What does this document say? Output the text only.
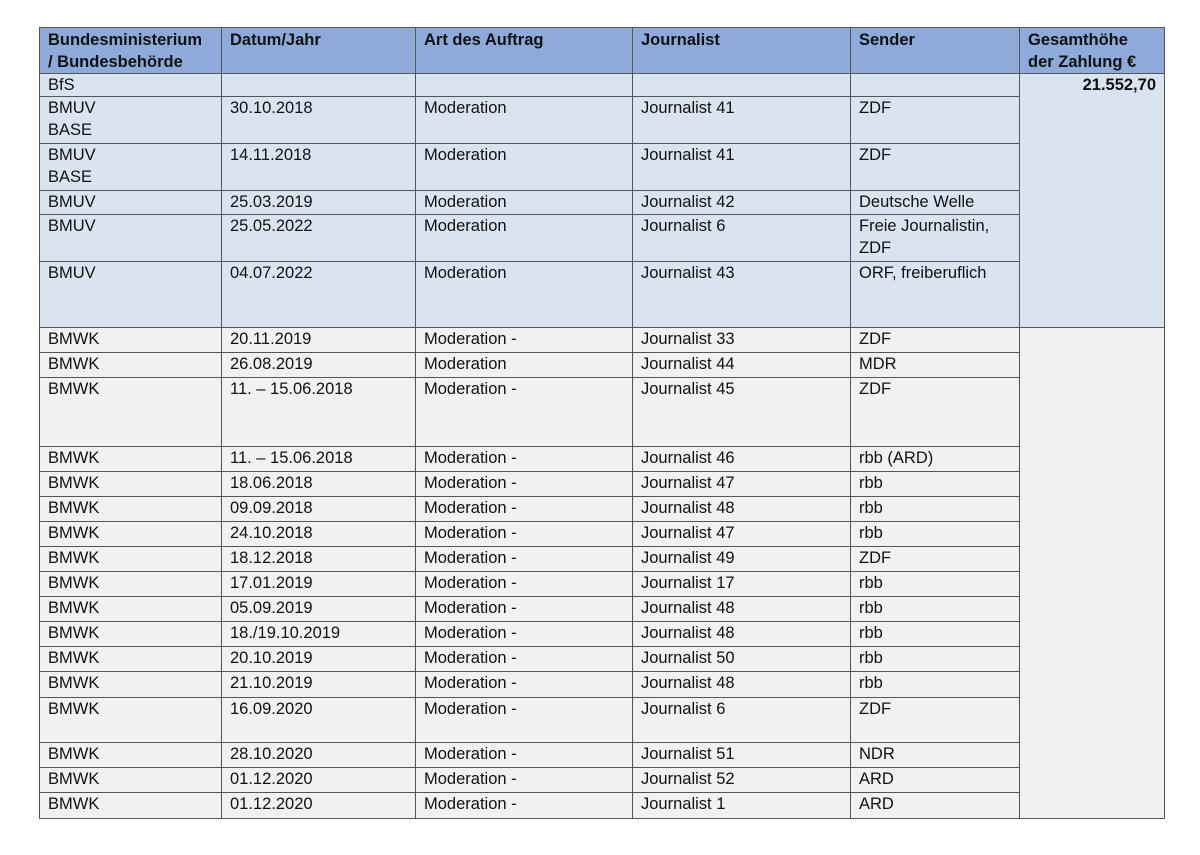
Bundesministerium
/ Bundesbehörde	Datum/Jahr	Art des Auftrag	Journalist	Sender	Gesamthöhe der Zahlung €
BfS					21.552,70
BMUV
BASE	30.10.2018	Moderation	Journalist 41	ZDF	
BMUV
BASE	14.11.2018	Moderation	Journalist 41	ZDF	
BMUV	25.03.2019	Moderation	Journalist 42	Deutsche Welle	
BMUV	25.05.2022	Moderation	Journalist 6	Freie Journalistin,
ZDF	
BMUV	04.07.2022	Moderation	Journalist 43	ORF, freiberuflich	
BMWK	20.11.2019	Moderation -	Journalist 33	ZDF	
BMWK	26.08.2019	Moderation	Journalist 44	MDR	
BMWK	11. – 15.06.2018	Moderation -	Journalist 45	ZDF	
BMWK	11. – 15.06.2018	Moderation -	Journalist 46	rbb (ARD)	
BMWK	18.06.2018	Moderation -	Journalist 47	rbb	
BMWK	09.09.2018	Moderation -	Journalist 48	rbb	
BMWK	24.10.2018	Moderation -	Journalist 47	rbb	
BMWK	18.12.2018	Moderation -	Journalist 49	ZDF	
BMWK	17.01.2019	Moderation -	Journalist 17	rbb	
BMWK	05.09.2019	Moderation -	Journalist 48	rbb	
BMWK	18./19.10.2019	Moderation -	Journalist 48	rbb	
BMWK	20.10.2019	Moderation -	Journalist 50	rbb	
BMWK	21.10.2019	Moderation -	Journalist 48	rbb	
BMWK	16.09.2020	Moderation -	Journalist 6	ZDF	
BMWK	28.10.2020	Moderation -	Journalist 51	NDR	
BMWK	01.12.2020	Moderation -	Journalist 52	ARD	
BMWK	01.12.2020	Moderation -	Journalist 1	ARD	
